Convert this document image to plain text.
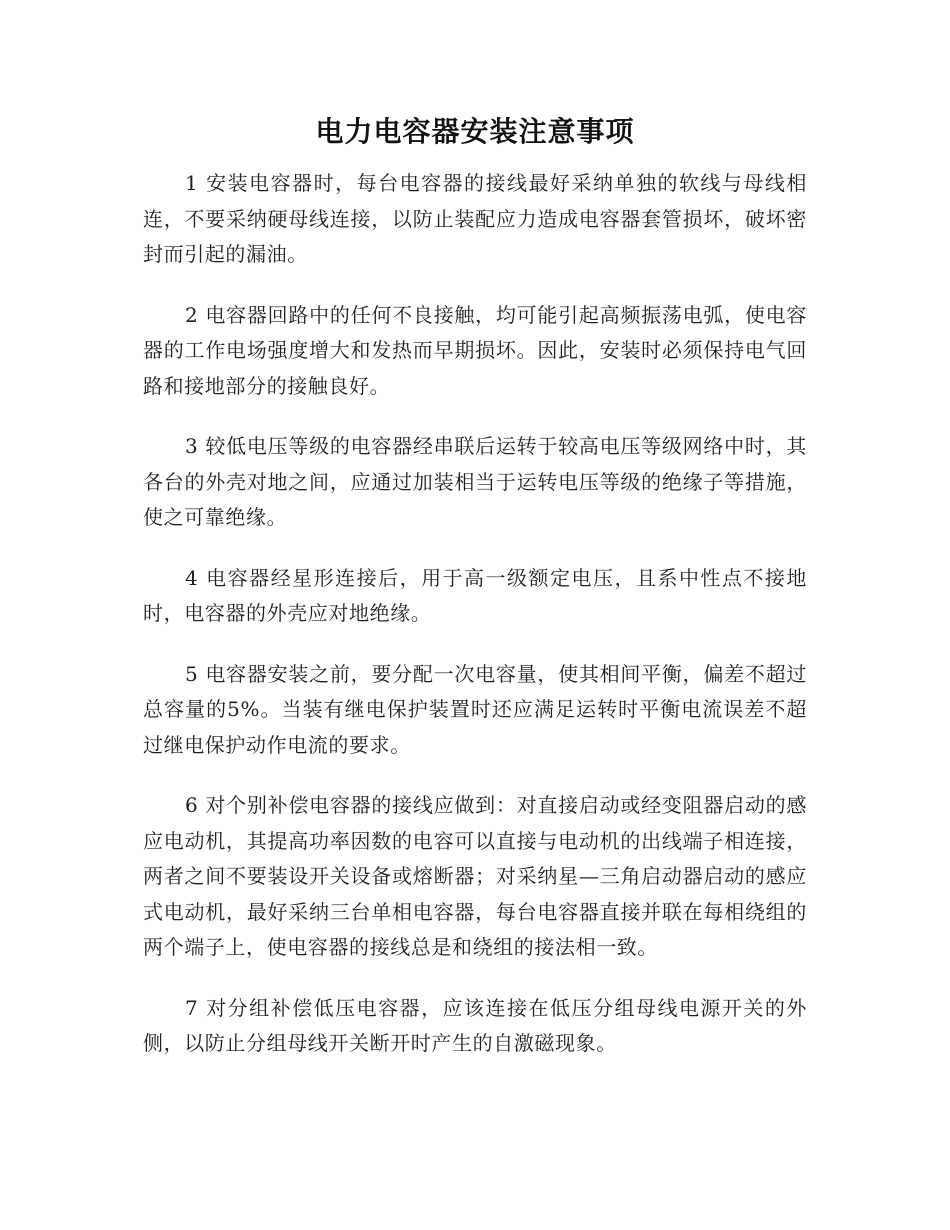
电力电容器安装注意事项

1 安装电容器时，每台电容器的接线最好采纳单独的软线与母线相连，不要采纳硬母线连接，以防止装配应力造成电容器套管损坏，破坏密封而引起的漏油。

2 电容器回路中的任何不良接触，均可能引起高频振荡电弧，使电容器的工作电场强度增大和发热而早期损坏。因此，安装时必须保持电气回路和接地部分的接触良好。

3 较低电压等级的电容器经串联后运转于较高电压等级网络中时，其各台的外壳对地之间，应通过加装相当于运转电压等级的绝缘子等措施，使之可靠绝缘。

4 电容器经星形连接后，用于高一级额定电压，且系中性点不接地时，电容器的外壳应对地绝缘。

5 电容器安装之前，要分配一次电容量，使其相间平衡，偏差不超过总容量的5%。当装有继电保护装置时还应满足运转时平衡电流误差不超过继电保护动作电流的要求。

6 对个别补偿电容器的接线应做到：对直接启动或经变阻器启动的感应电动机，其提高功率因数的电容可以直接与电动机的出线端子相连接，两者之间不要装设开关设备或熔断器；对采纳星—三角启动器启动的感应式电动机，最好采纳三台单相电容器，每台电容器直接并联在每相绕组的两个端子上，使电容器的接线总是和绕组的接法相一致。

7 对分组补偿低压电容器，应该连接在低压分组母线电源开关的外侧，以防止分组母线开关断开时产生的自激磁现象。
